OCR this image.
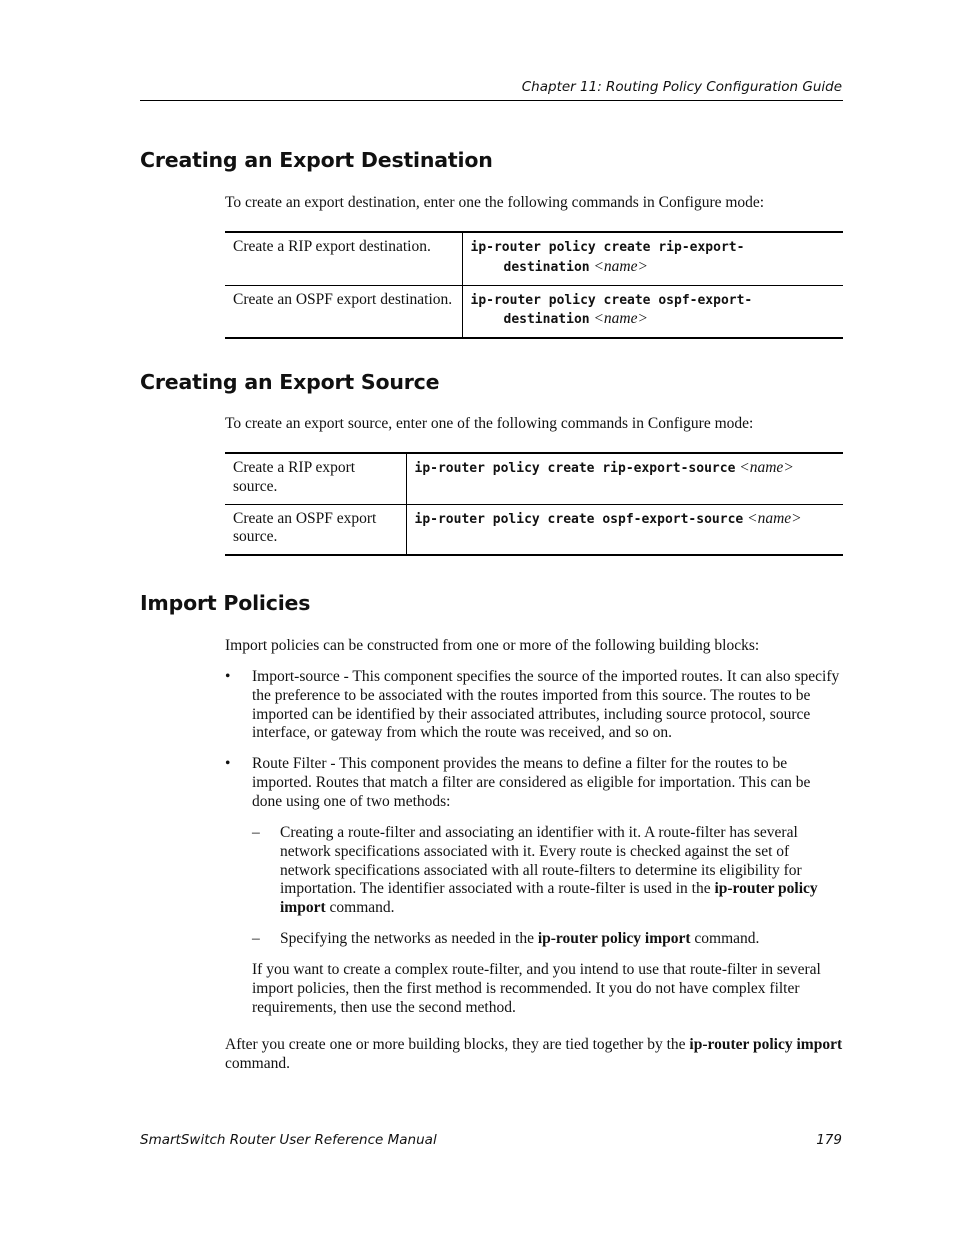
Chapter 11: Routing Policy Configuration Guide
Creating an Export Destination

To create an export destination, enter one the following commands in Configure mode:

Create a RIP export destination.	ip-router policy create rip-export-
destination <name>

Create an OSPF export destination.	ip-router policy create ospf-export-
destination <name>
Creating an Export Source

To create an export source, enter one of the following commands in Configure mode:

Create a RIP export source.	ip-router policy create rip-export-source <name>
Create an OSPF export source.	ip-router policy create ospf-export-source <name>
Import Policies

Import policies can be constructed from one or more of the following building blocks:

• Import-source - This component specifies the source of the imported routes. It can also specify the preference to be associated with the routes imported from this source. The routes to be imported can be identified by their associated attributes, including source protocol, source interface, or gateway from which the route was received, and so on.
• Route Filter - This component provides the means to define a filter for the routes to be imported. Routes that match a filter are considered as eligible for importation. This can be done using one of two methods:
– Creating a route-filter and associating an identifier with it. A route-filter has several network specifications associated with it. Every route is checked against the set of network specifications associated with all route-filters to determine its eligibility for importation. The identifier associated with a route-filter is used in the ip-router policy import command.
– Specifying the networks as needed in the ip-router policy import command.

If you want to create a complex route-filter, and you intend to use that route-filter in several import policies, then the first method is recommended. It you do not have complex filter requirements, then use the second method.

After you create one or more building blocks, they are tied together by the ip-router policy import command.

SmartSwitch Router User Reference Manual	179
